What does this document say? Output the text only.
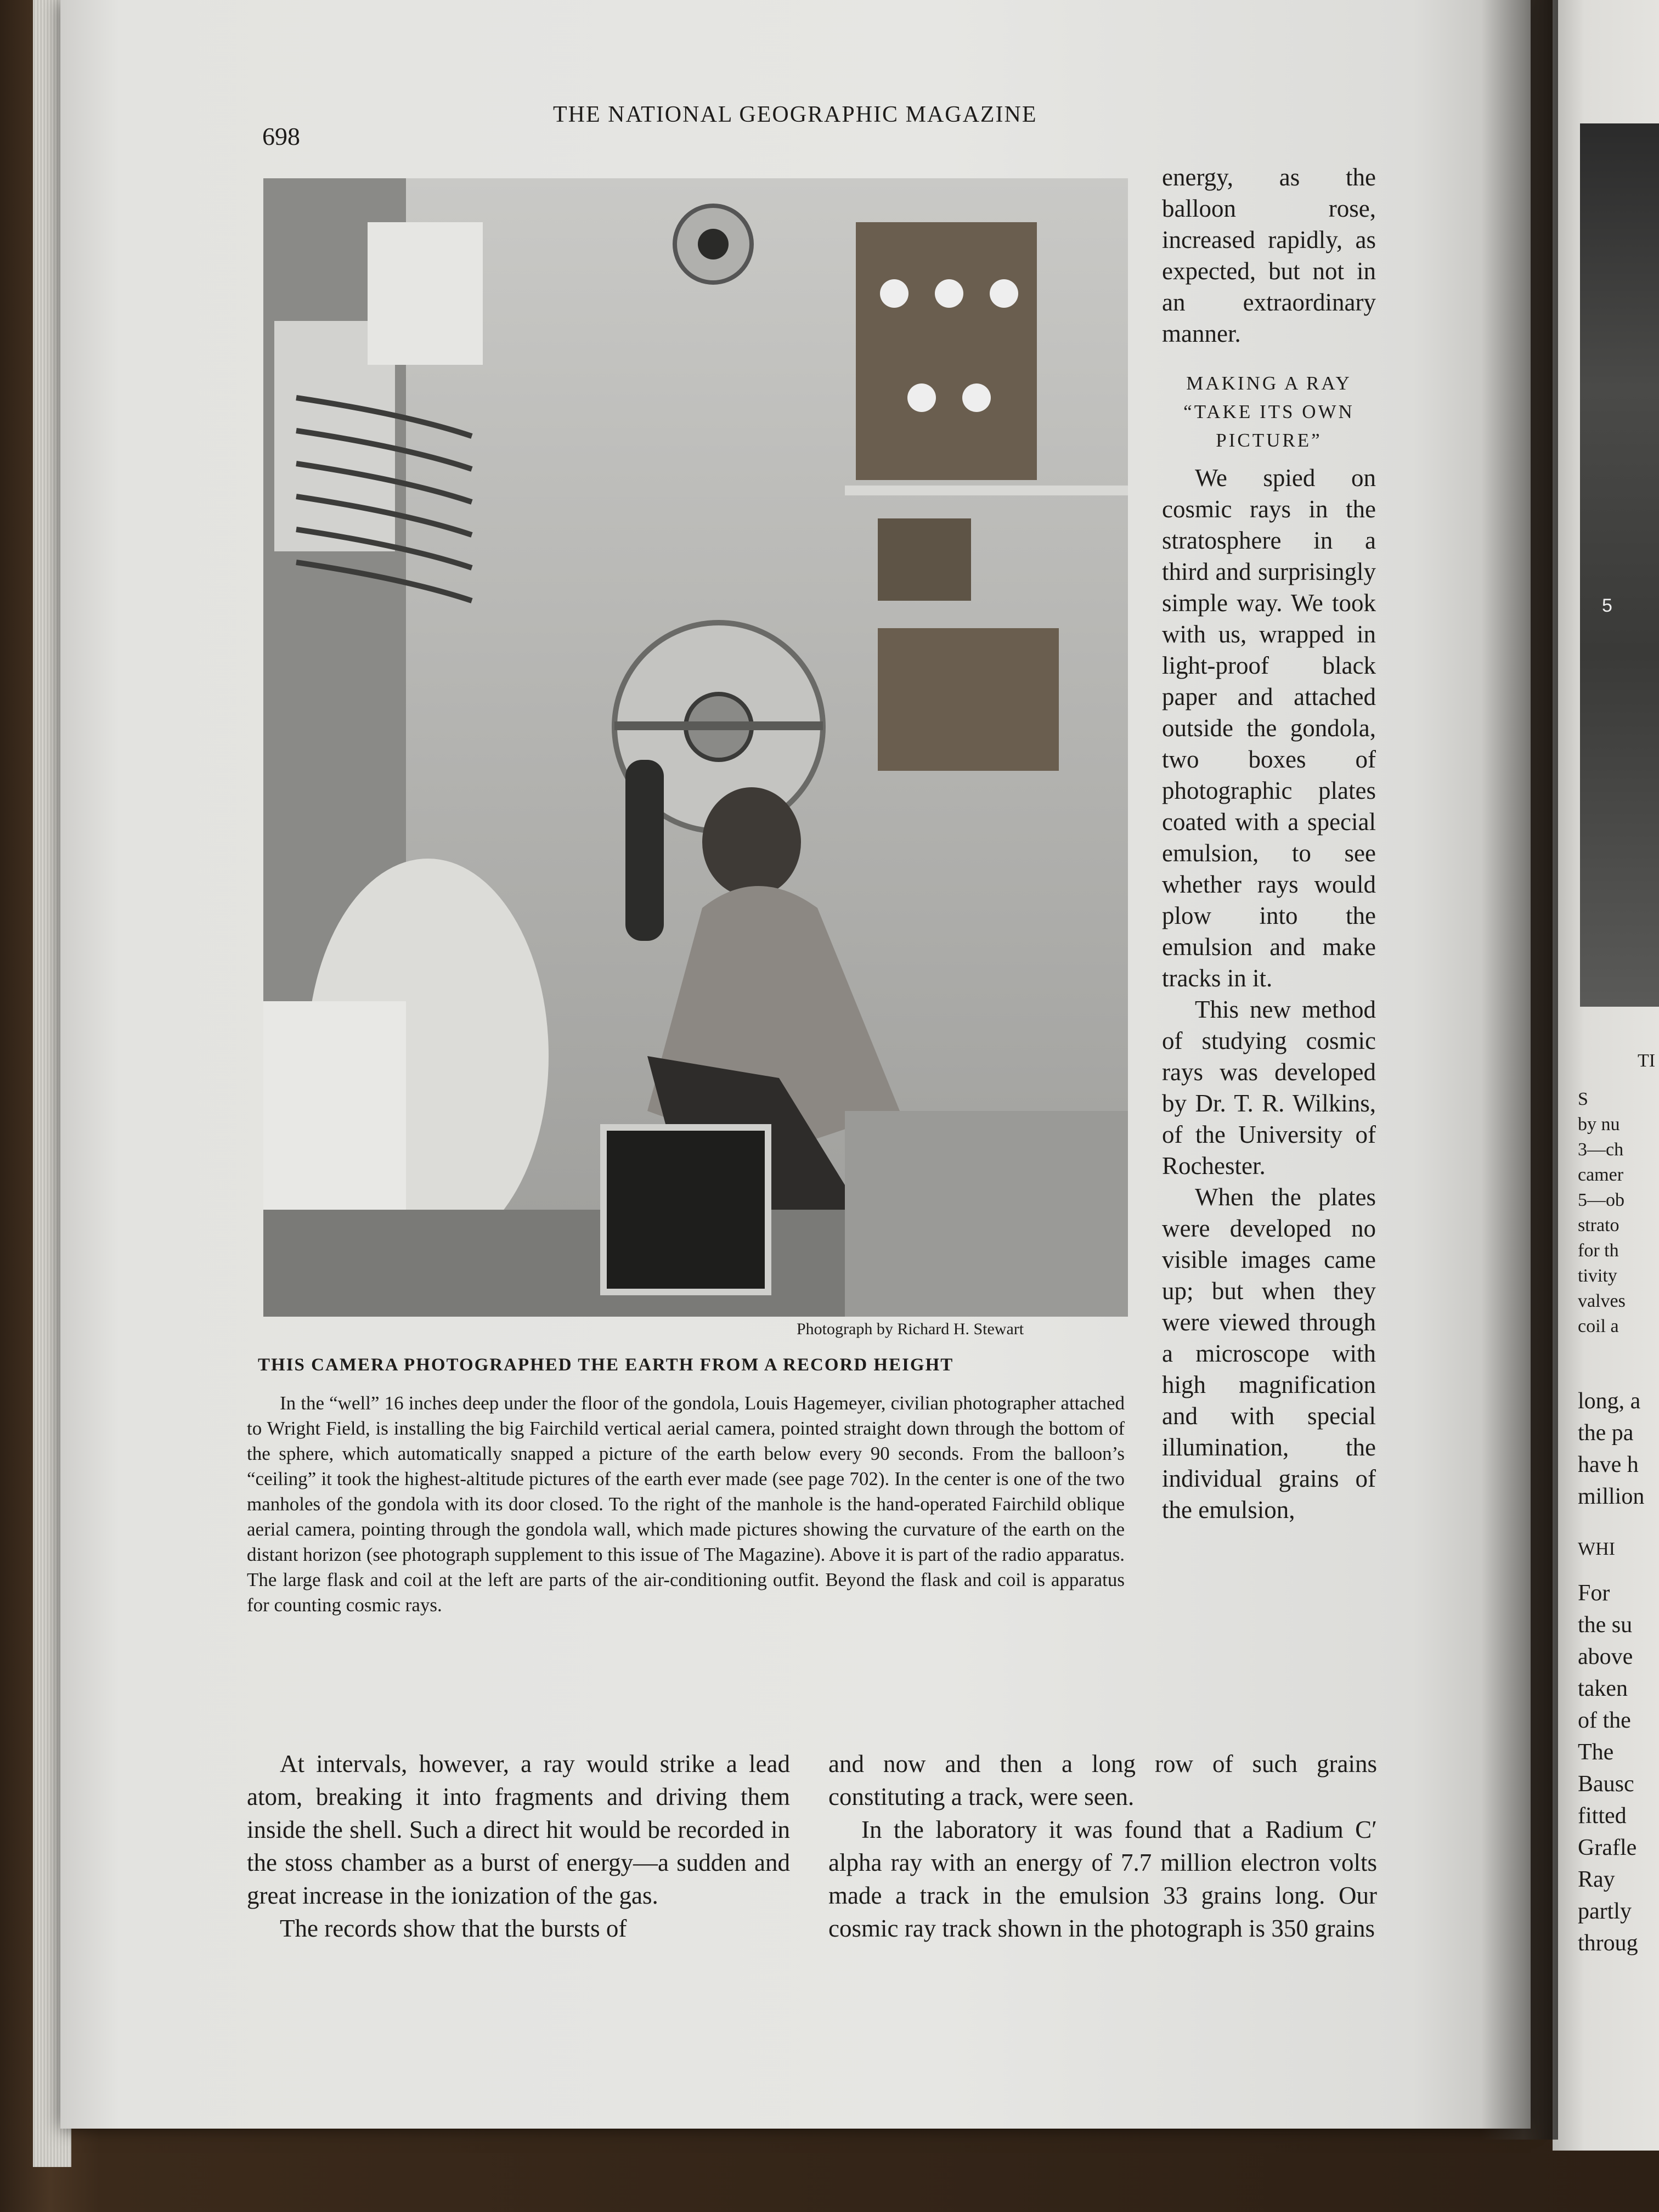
698
THE NATIONAL GEOGRAPHIC MAGAZINE
Photograph by Richard H. Stewart
THIS CAMERA PHOTOGRAPHED THE EARTH FROM A RECORD HEIGHT
In the “well” 16 inches deep under the floor of the gondola, Louis Hagemeyer, civilian photographer attached to Wright Field, is installing the big Fairchild vertical aerial camera, pointed straight down through the bottom of the sphere, which automatically snapped a picture of the earth below every 90 seconds. From the balloon’s “ceiling” it took the highest-altitude pictures of the earth ever made (see page 702). In the center is one of the two manholes of the gondola with its door closed. To the right of the manhole is the hand-operated Fairchild oblique aerial camera, pointing through the gondola wall, which made pictures showing the curvature of the earth on the distant horizon (see photograph supplement to this issue of The Magazine). Above it is part of the radio apparatus. The large flask and coil at the left are parts of the air-conditioning outfit. Beyond the flask and coil is apparatus for counting cosmic rays.

energy, as the balloon rose, increased rapidly, as expected, but not in an extraordinary manner.

MAKING A RAY
“TAKE ITS OWN PICTURE”

We spied on cosmic rays in the stratosphere in a third and surprisingly simple way. We took with us, wrapped in light-proof black paper and attached outside the gondola, two boxes of photographic plates coated with a special emulsion, to see whether rays would plow into the emulsion and make tracks in it.

This new method of studying cosmic rays was developed by Dr. T. R. Wilkins, of the University of Rochester.

When the plates were developed no visible images came up; but when they were viewed through a microscope with high magnification and with special illumination, the individual grains of the emulsion,

At intervals, however, a ray would strike a lead atom, breaking it into fragments and driving them inside the shell. Such a direct hit would be recorded in the stoss chamber as a burst of energy—a sudden and great increase in the ionization of the gas.

The records show that the bursts of

and now and then a long row of such grains constituting a track, were seen.

In the laboratory it was found that a Radium C′ alpha ray with an energy of 7.7 million electron volts made a track in the emulsion 33 grains long. Our cosmic ray track shown in the photograph is 350 grains

5
TI
S
by nu
3—ch
camer
5—ob
strato
for th
tivity
valves
coil a
long, a
the pa
have h
million
WHI
For
the su
above
taken
of the
The
Bausc
fitted
Grafle
Ray
partly
throug
